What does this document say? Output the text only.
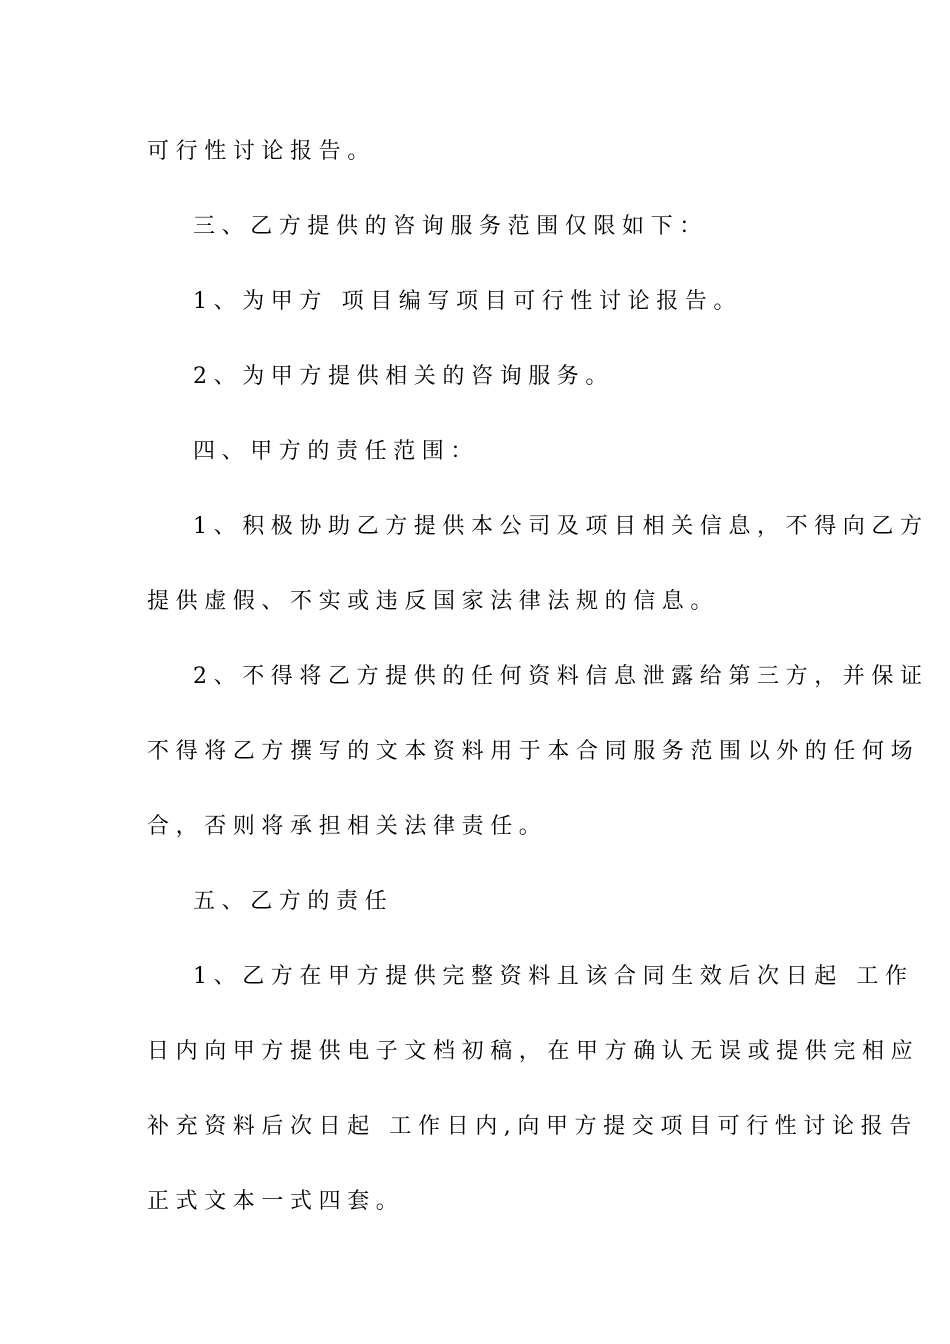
可行性讨论报告。
三、乙方提供的咨询服务范围仅限如下：
1、为甲方 项目编写项目可行性讨论报告。
2、为甲方提供相关的咨询服务。
四、甲方的责任范围：
1、积极协助乙方提供本公司及项目相关信息，不得向乙方
提供虚假、不实或违反国家法律法规的信息。
2、不得将乙方提供的任何资料信息泄露给第三方，并保证
不得将乙方撰写的文本资料用于本合同服务范围以外的任何场
合，否则将承担相关法律责任。
五、乙方的责任
1、乙方在甲方提供完整资料且该合同生效后次日起 工作
日内向甲方提供电子文档初稿，在甲方确认无误或提供完相应
补充资料后次日起 工作日内,向甲方提交项目可行性讨论报告
正式文本一式四套。
